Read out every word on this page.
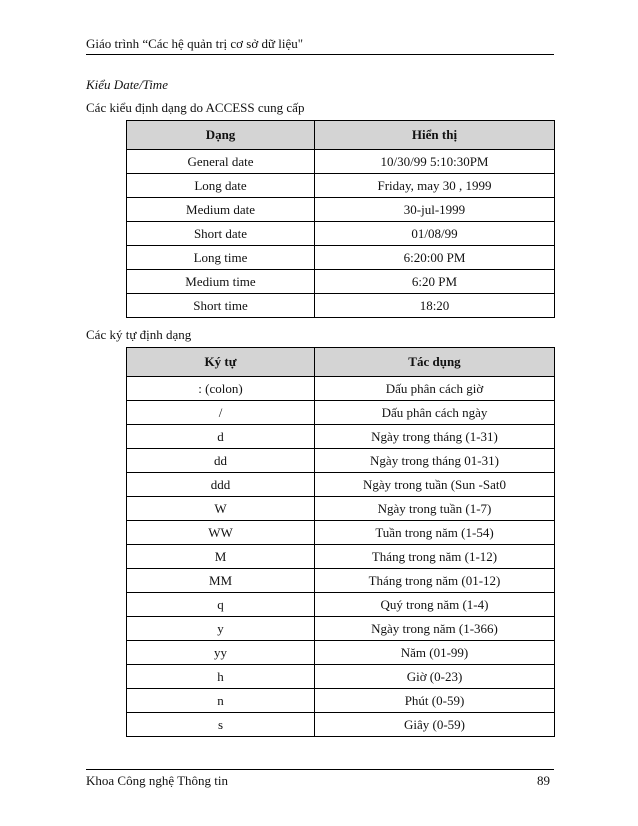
Giáo trình “Các hệ quản trị cơ sở dữ liệu"
Kiểu Date/Time
Các kiểu định dạng do ACCESS cung cấp
Dạng	Hiển thị
General date	10/30/99 5:10:30PM
Long date	Friday, may 30 , 1999
Medium date	30-jul-1999
Short date	01/08/99
Long time	6:20:00 PM
Medium time	6:20 PM
Short time	18:20
Các ký tự định dạng
Ký tự	Tác dụng
: (colon)	Dấu phân cách giờ
/	Dấu phân cách ngày
d	Ngày trong tháng (1-31)
dd	Ngày trong tháng 01-31)
ddd	Ngày trong tuần (Sun -Sat0
W	Ngày trong tuần (1-7)
WW	Tuần trong năm (1-54)
M	Tháng trong năm (1-12)
MM	Tháng trong năm (01-12)
q	Quý trong năm (1-4)
y	Ngày trong năm (1-366)
yy	Năm (01-99)
h	Giờ (0-23)
n	Phút (0-59)
s	Giây (0-59)
Khoa Công nghệ Thông tin	89
